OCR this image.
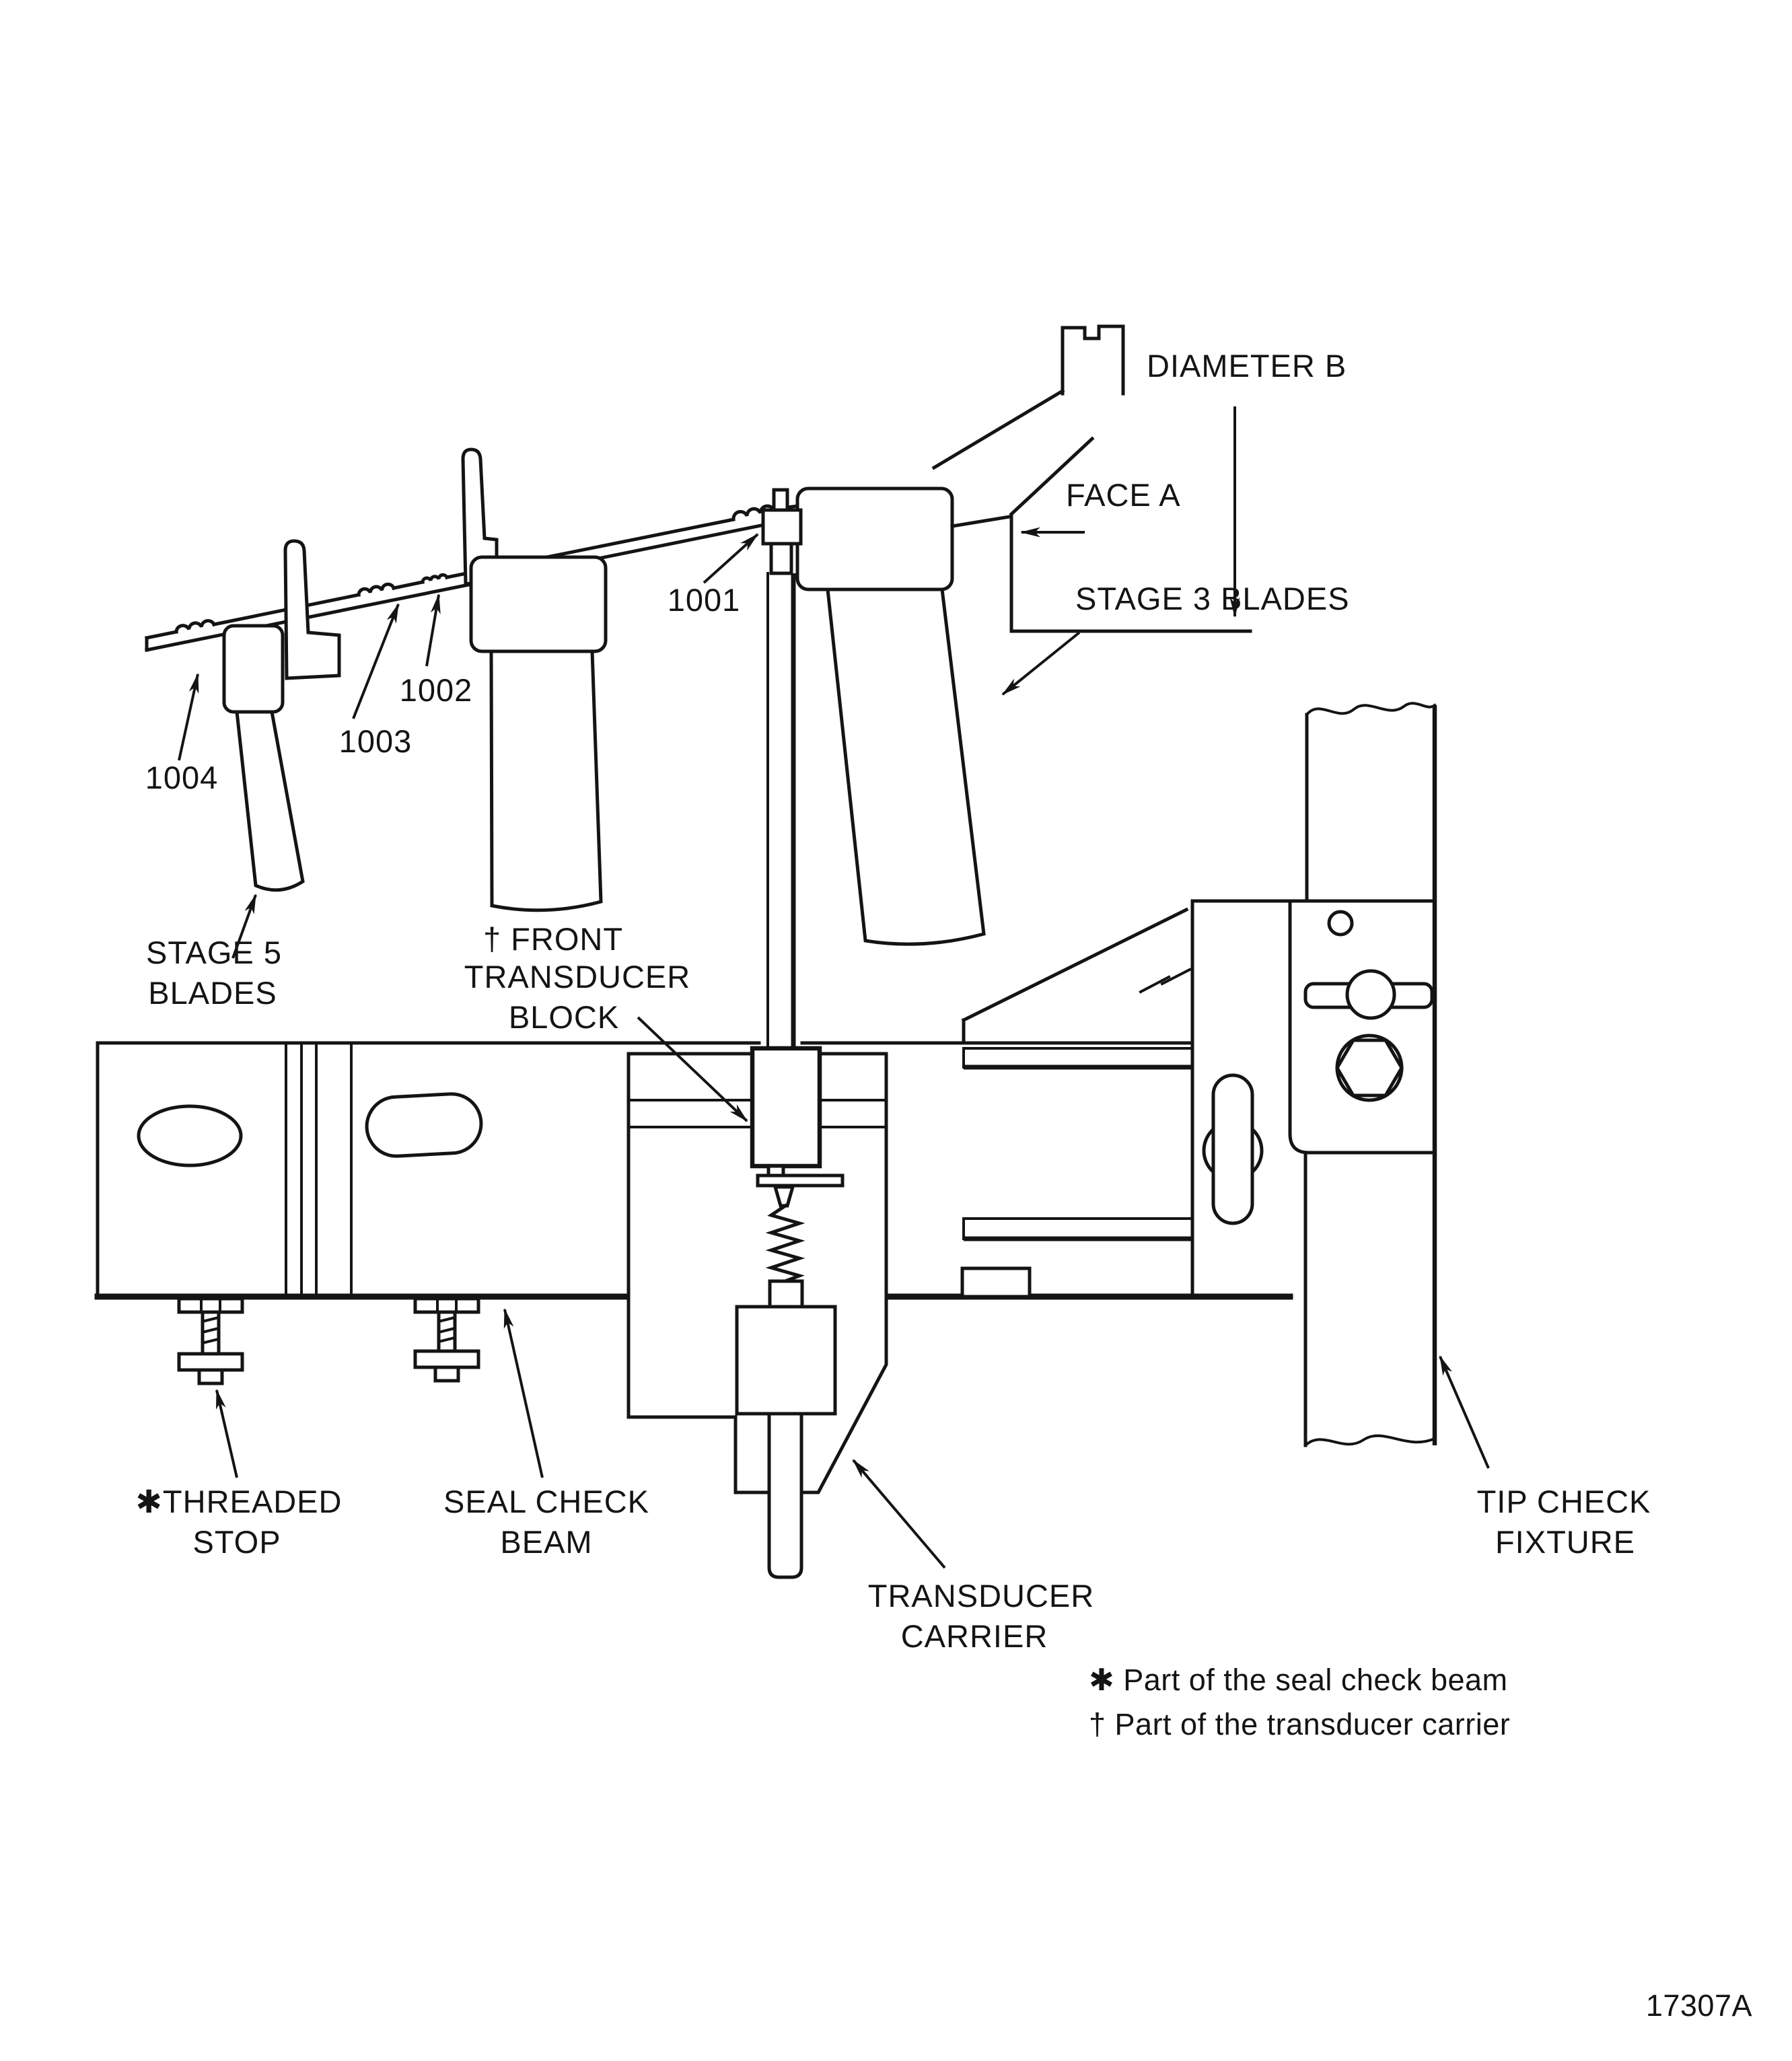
DIAMETER B
FACE A
STAGE 3 BLADES
1001
1002
1003
1004
STAGE 5
BLADES
† FRONT
TRANSDUCER
BLOCK
✱THREADED
STOP
SEAL CHECK
BEAM
TRANSDUCER
CARRIER
TIP CHECK
FIXTURE
✱ Part of the seal check beam
† Part of the transducer carrier
17307A
